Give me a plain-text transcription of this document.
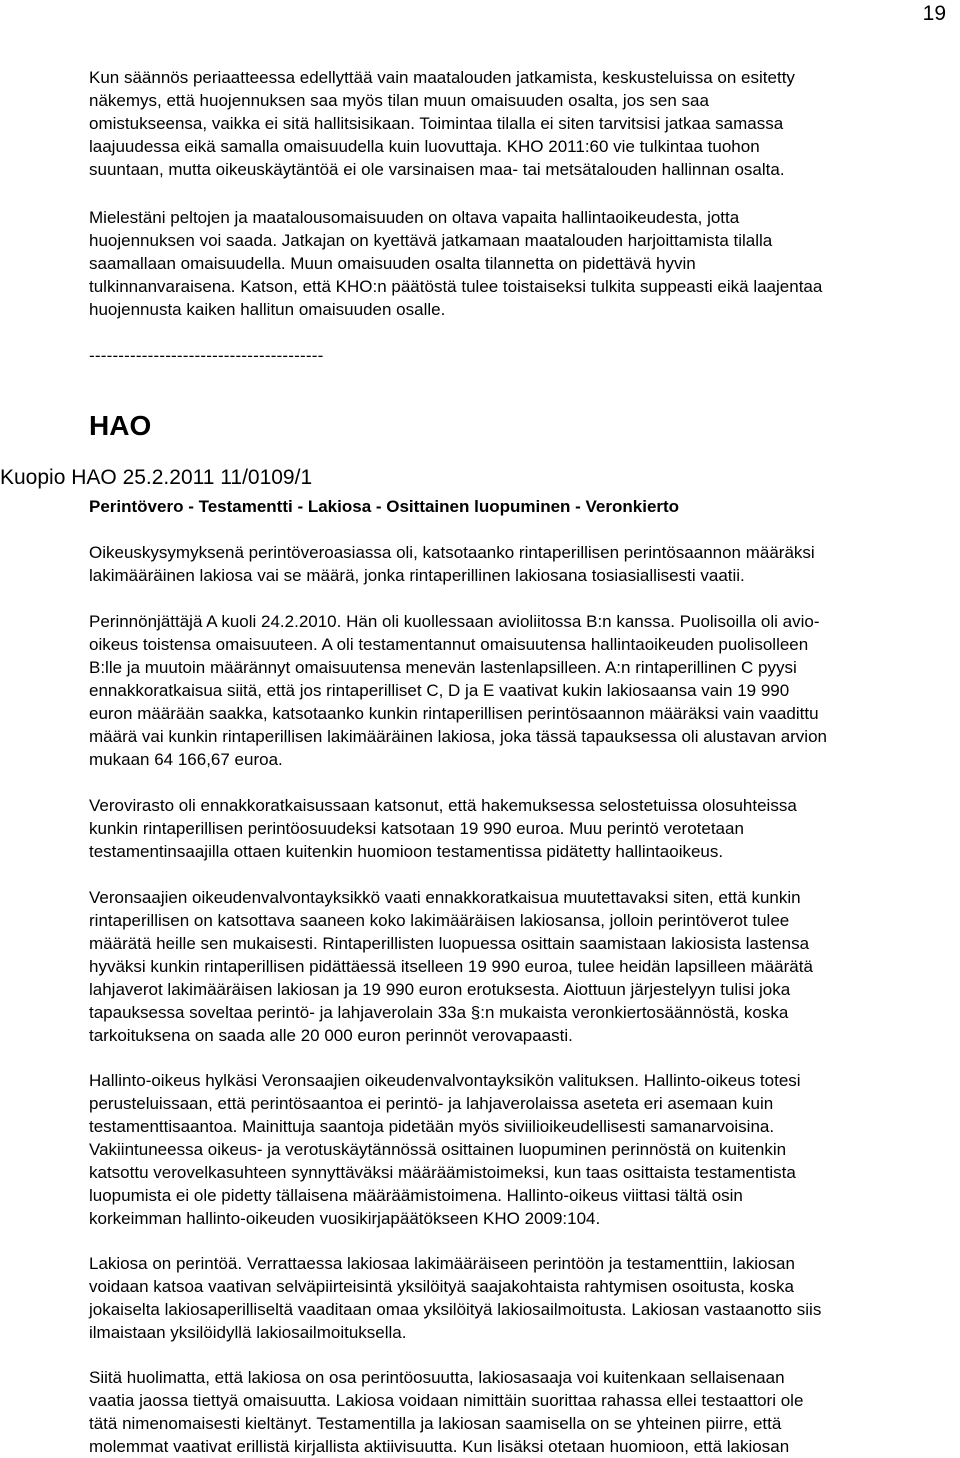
19
Kun säännös periaatteessa edellyttää vain maatalouden jatkamista, keskusteluissa on esitetty
näkemys, että huojennuksen saa myös tilan muun omaisuuden osalta, jos sen saa
omistukseensa, vaikka ei sitä hallitsisikaan. Toimintaa tilalla ei siten tarvitsisi jatkaa samassa
laajuudessa eikä samalla omaisuudella kuin luovuttaja. KHO 2011:60 vie tulkintaa tuohon
suuntaan, mutta oikeuskäytäntöä ei ole varsinaisen maa- tai metsätalouden hallinnan osalta.
Mielestäni peltojen ja maatalousomaisuuden on oltava vapaita hallintaoikeudesta, jotta
huojennuksen voi saada. Jatkajan on kyettävä jatkamaan maatalouden harjoittamista tilalla
saamallaan omaisuudella. Muun omaisuuden osalta tilannetta on pidettävä hyvin
tulkinnanvaraisena. Katson, että KHO:n päätöstä tulee toistaiseksi tulkita suppeasti eikä laajentaa
huojennusta kaiken hallitun omaisuuden osalle.
----------------------------------------
HAO
Kuopio HAO 25.2.2011 11/0109/1
Perintövero - Testamentti - Lakiosa - Osittainen luopuminen - Veronkierto
Oikeuskysymyksenä perintöveroasiassa oli, katsotaanko rintaperillisen perintösaannon määräksi
lakimääräinen lakiosa vai se määrä, jonka rintaperillinen lakiosana tosiasiallisesti vaatii.
Perinnönjättäjä A kuoli 24.2.2010. Hän oli kuollessaan avioliitossa B:n kanssa. Puolisoilla oli avio-
oikeus toistensa omaisuuteen. A oli testamentannut omaisuutensa hallintaoikeuden puolisolleen
B:lle ja muutoin määrännyt omaisuutensa menevän lastenlapsilleen. A:n rintaperillinen C pyysi
ennakkoratkaisua siitä, että jos rintaperilliset C, D ja E vaativat kukin lakiosaansa vain 19 990
euron määrään saakka, katsotaanko kunkin rintaperillisen perintösaannon määräksi vain vaadittu
määrä vai kunkin rintaperillisen lakimääräinen lakiosa, joka tässä tapauksessa oli alustavan arvion
mukaan 64 166,67 euroa.
Verovirasto oli ennakkoratkaisussaan katsonut, että hakemuksessa selostetuissa olosuhteissa
kunkin rintaperillisen perintöosuudeksi katsotaan 19 990 euroa. Muu perintö verotetaan
testamentinsaajilla ottaen kuitenkin huomioon testamentissa pidätetty hallintaoikeus.
Veronsaajien oikeudenvalvontayksikkö vaati ennakkoratkaisua muutettavaksi siten, että kunkin
rintaperillisen on katsottava saaneen koko lakimääräisen lakiosansa, jolloin perintöverot tulee
määrätä heille sen mukaisesti. Rintaperillisten luopuessa osittain saamistaan lakiosista lastensa
hyväksi kunkin rintaperillisen pidättäessä itselleen 19 990 euroa, tulee heidän lapsilleen määrätä
lahjaverot lakimääräisen lakiosan ja 19 990 euron erotuksesta. Aiottuun järjestelyyn tulisi joka
tapauksessa soveltaa perintö- ja lahjaverolain 33a §:n mukaista veronkiertosäännöstä, koska
tarkoituksena on saada alle 20 000 euron perinnöt verovapaasti.
Hallinto-oikeus hylkäsi Veronsaajien oikeudenvalvontayksikön valituksen. Hallinto-oikeus totesi
perusteluissaan, että perintösaantoa ei perintö- ja lahjaverolaissa aseteta eri asemaan kuin
testamenttisaantoa. Mainittuja saantoja pidetään myös siviilioikeudellisesti samanarvoisina.
Vakiintuneessa oikeus- ja verotuskäytännössä osittainen luopuminen perinnöstä on kuitenkin
katsottu verovelkasuhteen synnyttäväksi määräämistoimeksi, kun taas osittaista testamentista
luopumista ei ole pidetty tällaisena määräämistoimena. Hallinto-oikeus viittasi tältä osin
korkeimman hallinto-oikeuden vuosikirjapäätökseen KHO 2009:104.
Lakiosa on perintöä. Verrattaessa lakiosaa lakimääräiseen perintöön ja testamenttiin, lakiosan
voidaan katsoa vaativan selväpiirteisintä yksilöityä saajakohtaista rahtymisen osoitusta, koska
jokaiselta lakiosaperilliseltä vaaditaan omaa yksilöityä lakiosailmoitusta. Lakiosan vastaanotto siis
ilmaistaan yksilöidyllä lakiosailmoituksella.
Siitä huolimatta, että lakiosa on osa perintöosuutta, lakiosasaaja voi kuitenkaan sellaisenaan
vaatia jaossa tiettyä omaisuutta. Lakiosa voidaan nimittäin suorittaa rahassa ellei testaattori ole
tätä nimenomaisesti kieltänyt. Testamentilla ja lakiosan saamisella on se yhteinen piirre, että
molemmat vaativat erillistä kirjallista aktiivisuutta. Kun lisäksi otetaan huomioon, että lakiosan
